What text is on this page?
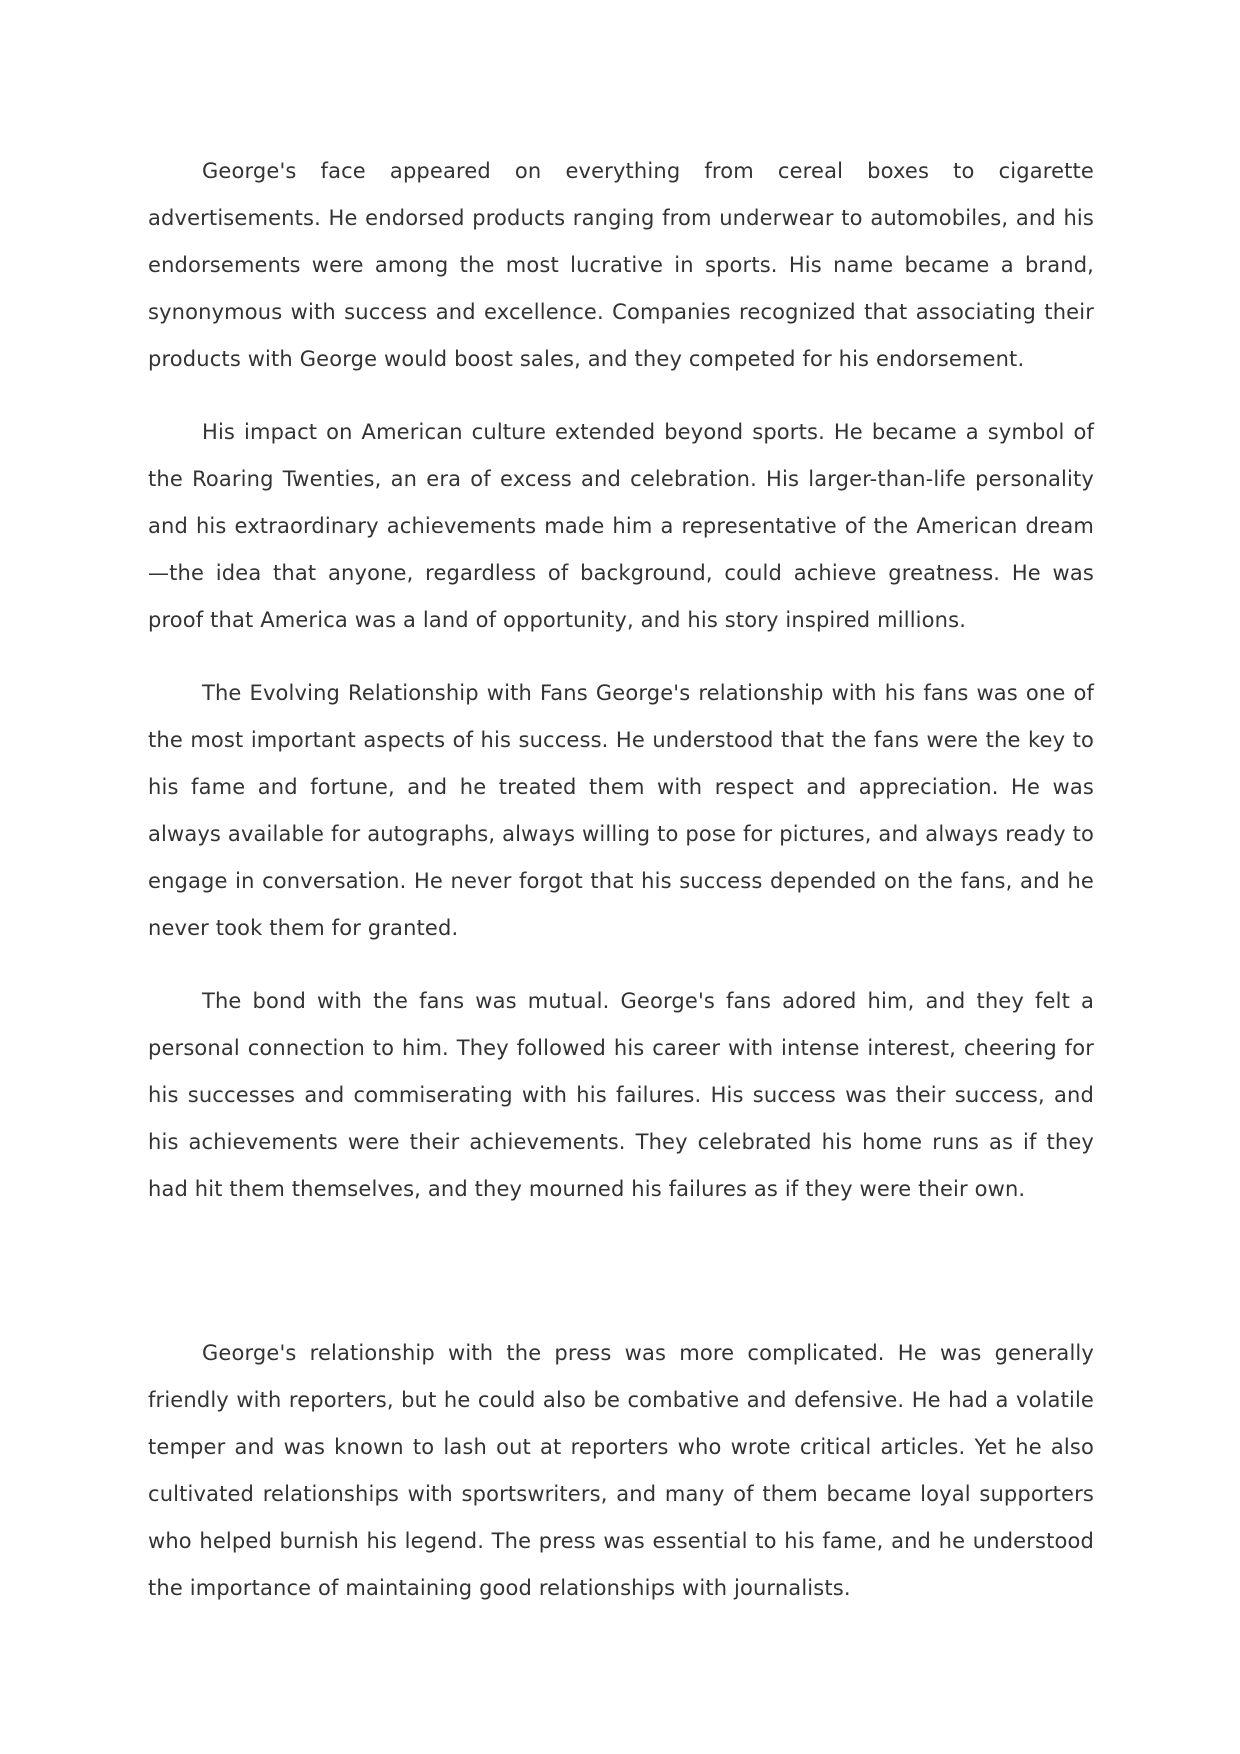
George's face appeared on everything from cereal boxes to cigarette advertisements. He endorsed products ranging from underwear to automobiles, and his endorsements were among the most lucrative in sports. His name became a brand, synonymous with success and excellence. Companies recognized that associating their products with George would boost sales, and they competed for his endorsement.

His impact on American culture extended beyond sports. He became a symbol of the Roaring Twenties, an era of excess and celebration. His larger-than-life personality and his extraordinary achievements made him a representative of the American dream—the idea that anyone, regardless of background, could achieve greatness. He was proof that America was a land of opportunity, and his story inspired millions.

The Evolving Relationship with Fans George's relationship with his fans was one of the most important aspects of his success. He understood that the fans were the key to his fame and fortune, and he treated them with respect and appreciation. He was always available for autographs, always willing to pose for pictures, and always ready to engage in conversation. He never forgot that his success depended on the fans, and he never took them for granted.

The bond with the fans was mutual. George's fans adored him, and they felt a personal connection to him. They followed his career with intense interest, cheering for his successes and commiserating with his failures. His success was their success, and his achievements were their achievements. They celebrated his home runs as if they had hit them themselves, and they mourned his failures as if they were their own.

George's relationship with the press was more complicated. He was generally friendly with reporters, but he could also be combative and defensive. He had a volatile temper and was known to lash out at reporters who wrote critical articles. Yet he also cultivated relationships with sportswriters, and many of them became loyal supporters who helped burnish his legend. The press was essential to his fame, and he understood the importance of maintaining good relationships with journalists.
